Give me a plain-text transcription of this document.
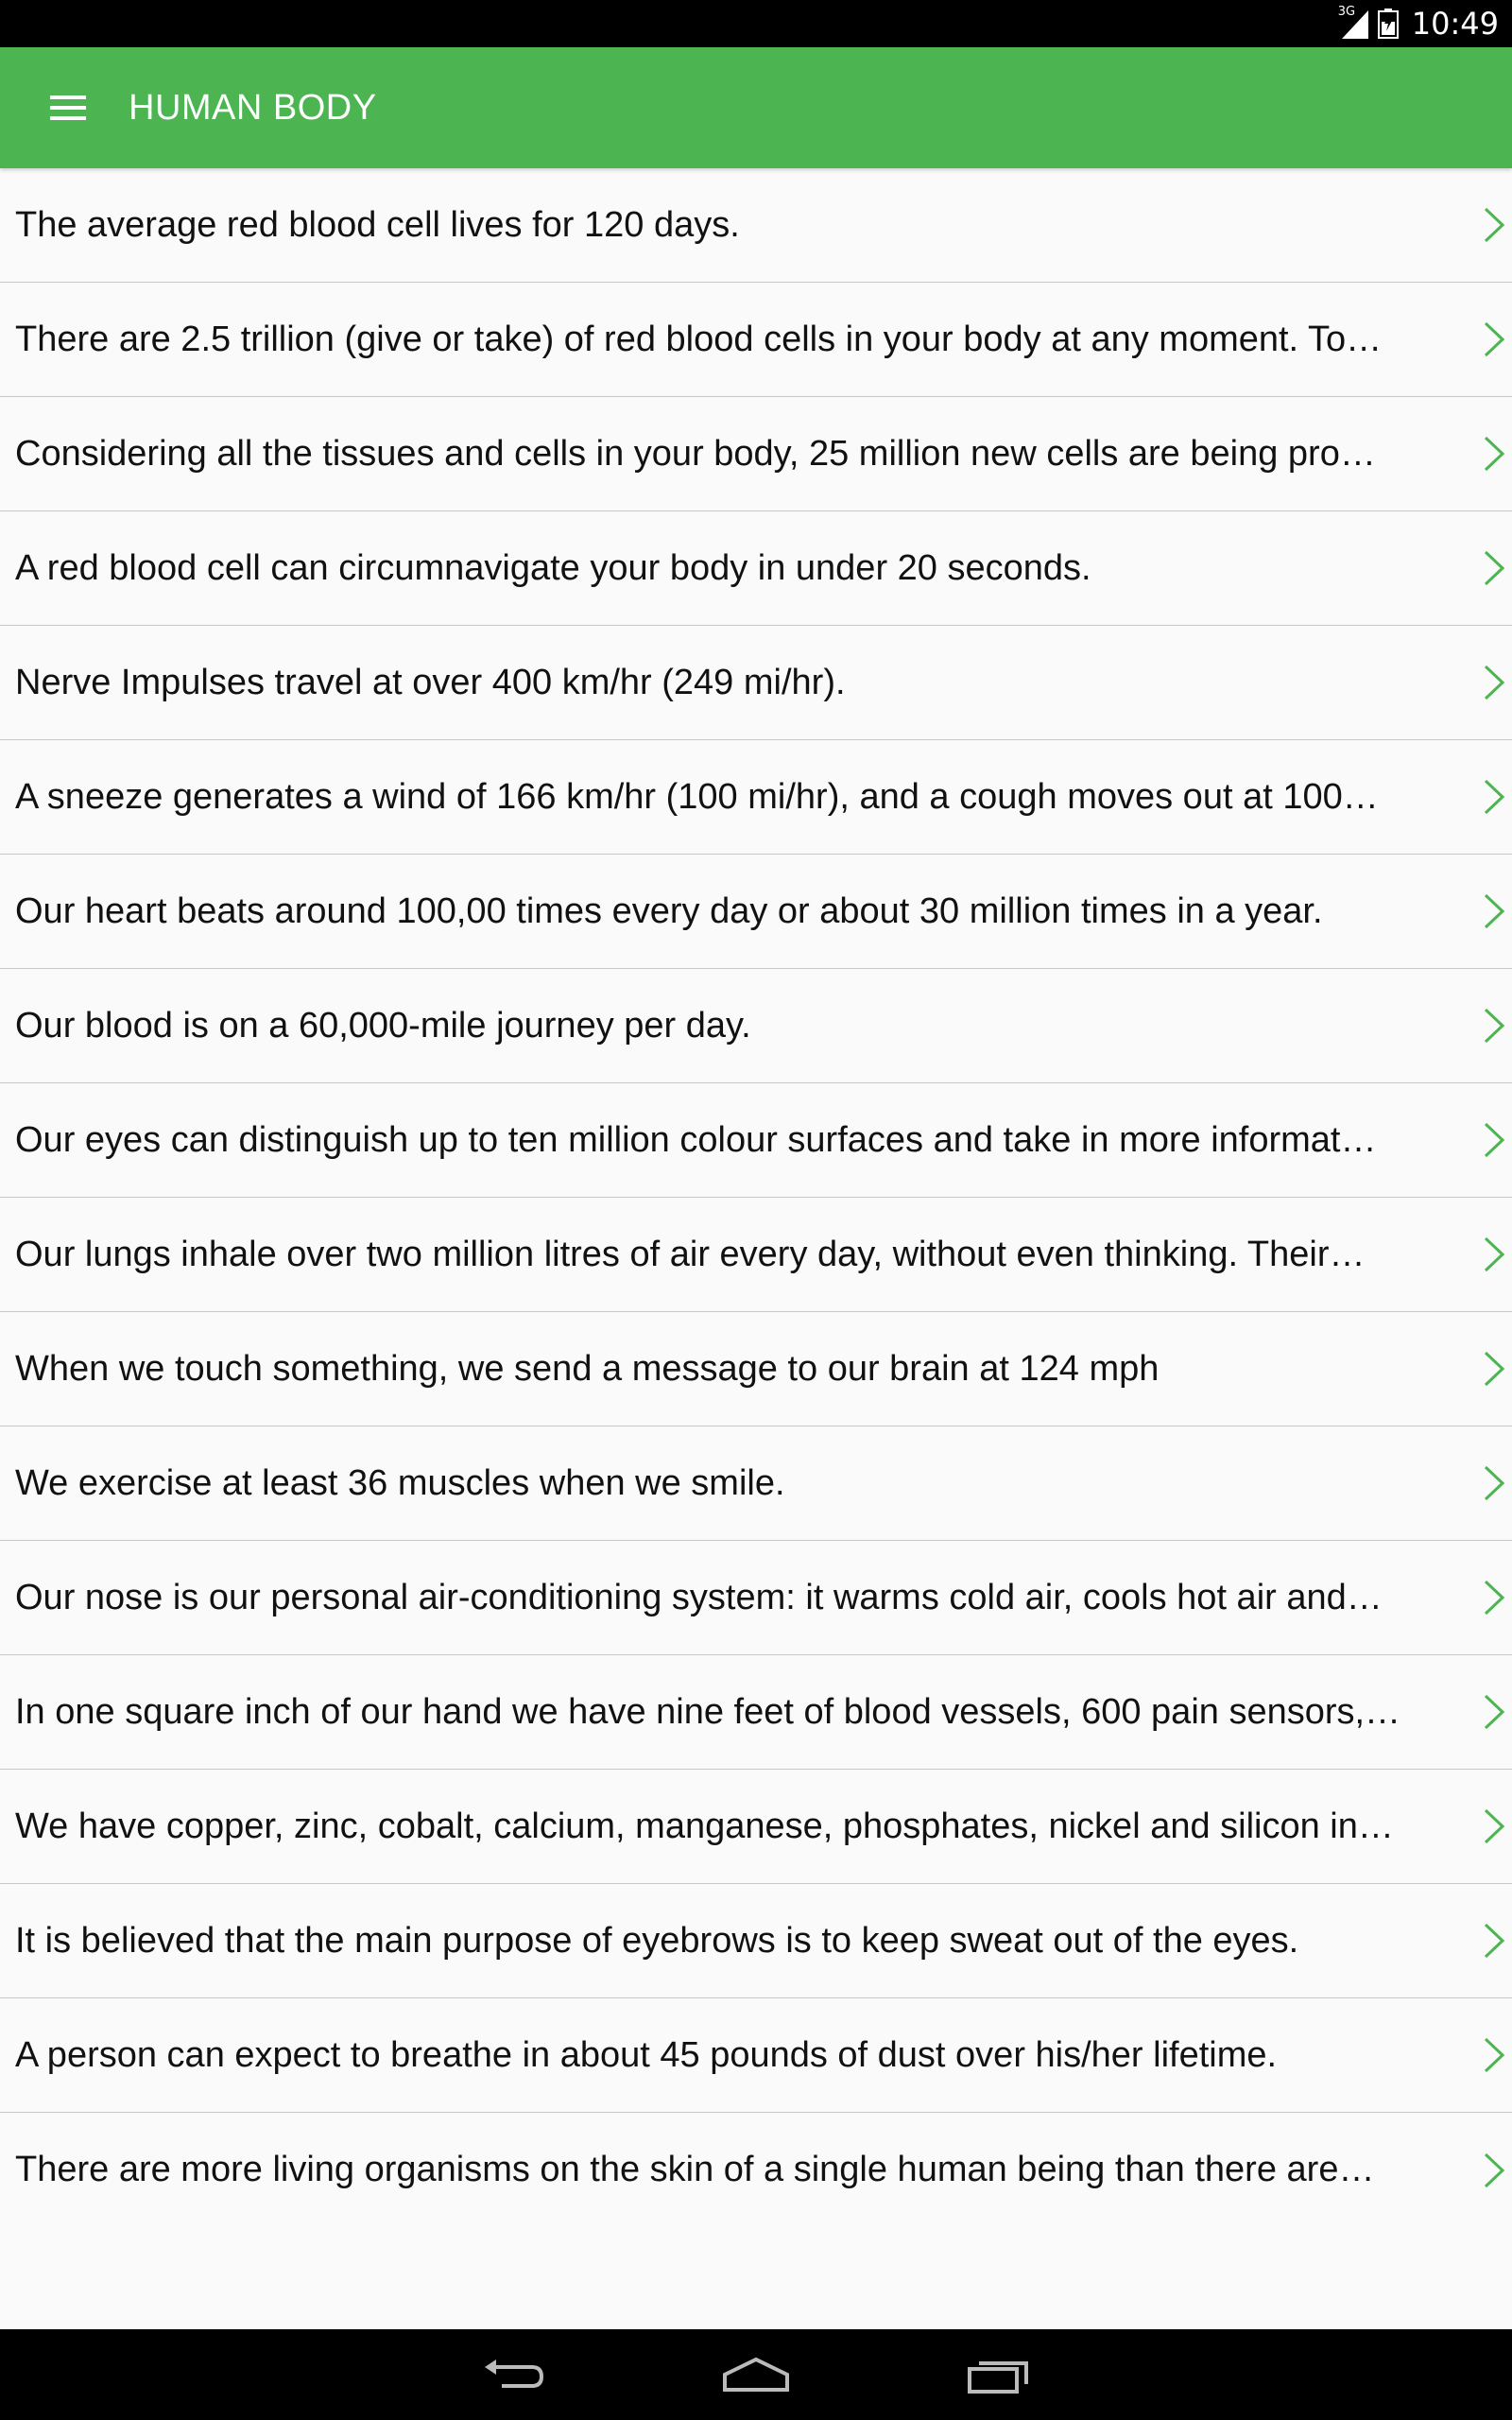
3G 10:49
HUMAN BODY
The average red blood cell lives for 120 days.
There are 2.5 trillion (give or take) of red blood cells in your body at any moment. To…
Considering all the tissues and cells in your body, 25 million new cells are being pro…
A red blood cell can circumnavigate your body in under 20 seconds.
Nerve Impulses travel at over 400 km/hr (249 mi/hr).
A sneeze generates a wind of 166 km/hr (100 mi/hr), and a cough moves out at 100…
Our heart beats around 100,00 times every day or about 30 million times in a year.
Our blood is on a 60,000-mile journey per day.
Our eyes can distinguish up to ten million colour surfaces and take in more informat…
Our lungs inhale over two million litres of air every day, without even thinking. Their…
When we touch something, we send a message to our brain at 124 mph
We exercise at least 36 muscles when we smile.
Our nose is our personal air-conditioning system: it warms cold air, cools hot air and…
In one square inch of our hand we have nine feet of blood vessels, 600 pain sensors,…
We have copper, zinc, cobalt, calcium, manganese, phosphates, nickel and silicon in…
It is believed that the main purpose of eyebrows is to keep sweat out of the eyes.
A person can expect to breathe in about 45 pounds of dust over his/her lifetime.
There are more living organisms on the skin of a single human being than there are…
